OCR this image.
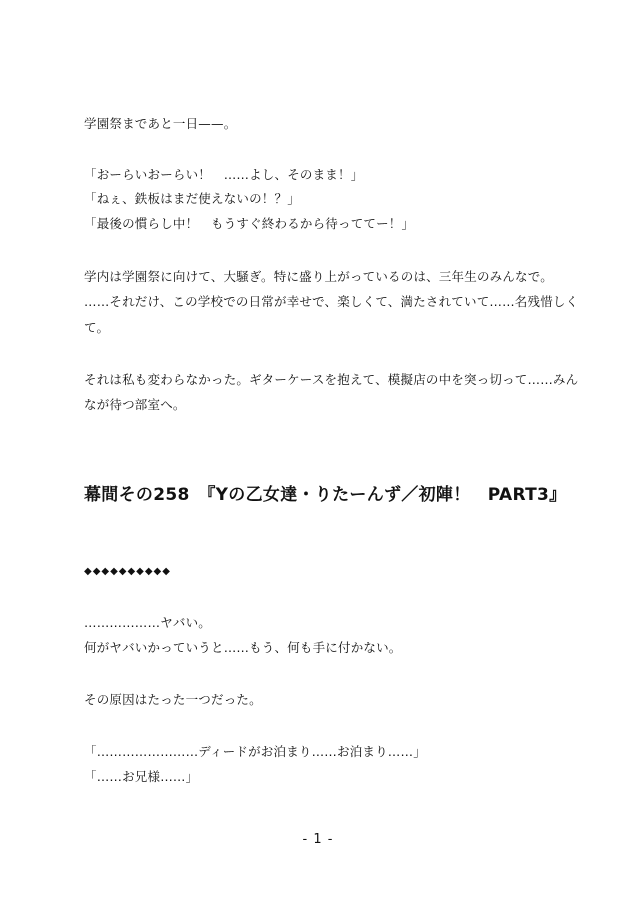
学園祭まであと一日——。
「おーらいおーらい！　……よし、そのまま！」
「ねぇ、鉄板はまだ使えないの！？」
「最後の慣らし中！　もうすぐ終わるから待っててー！」
学内は学園祭に向けて、大騒ぎ。特に盛り上がっているのは、三年生のみんなで。
……それだけ、この学校での日常が幸せで、楽しくて、満たされていて……名残惜しく
て。
それは私も変わらなかった。ギターケースを抱えて、模擬店の中を突っ切って……みん
なが待つ部室へ。
幕間その258　『Yの乙女達・りたーんず／初陣！　PART3』
◆◆◆◆◆◆◆◆◆◆
………………ヤバい。
何がヤバいかっていうと……もう、何も手に付かない。
その原因はたった一つだった。
「……………………ディードがお泊まり……お泊まり……」
「……お兄様……」
- 1 -
